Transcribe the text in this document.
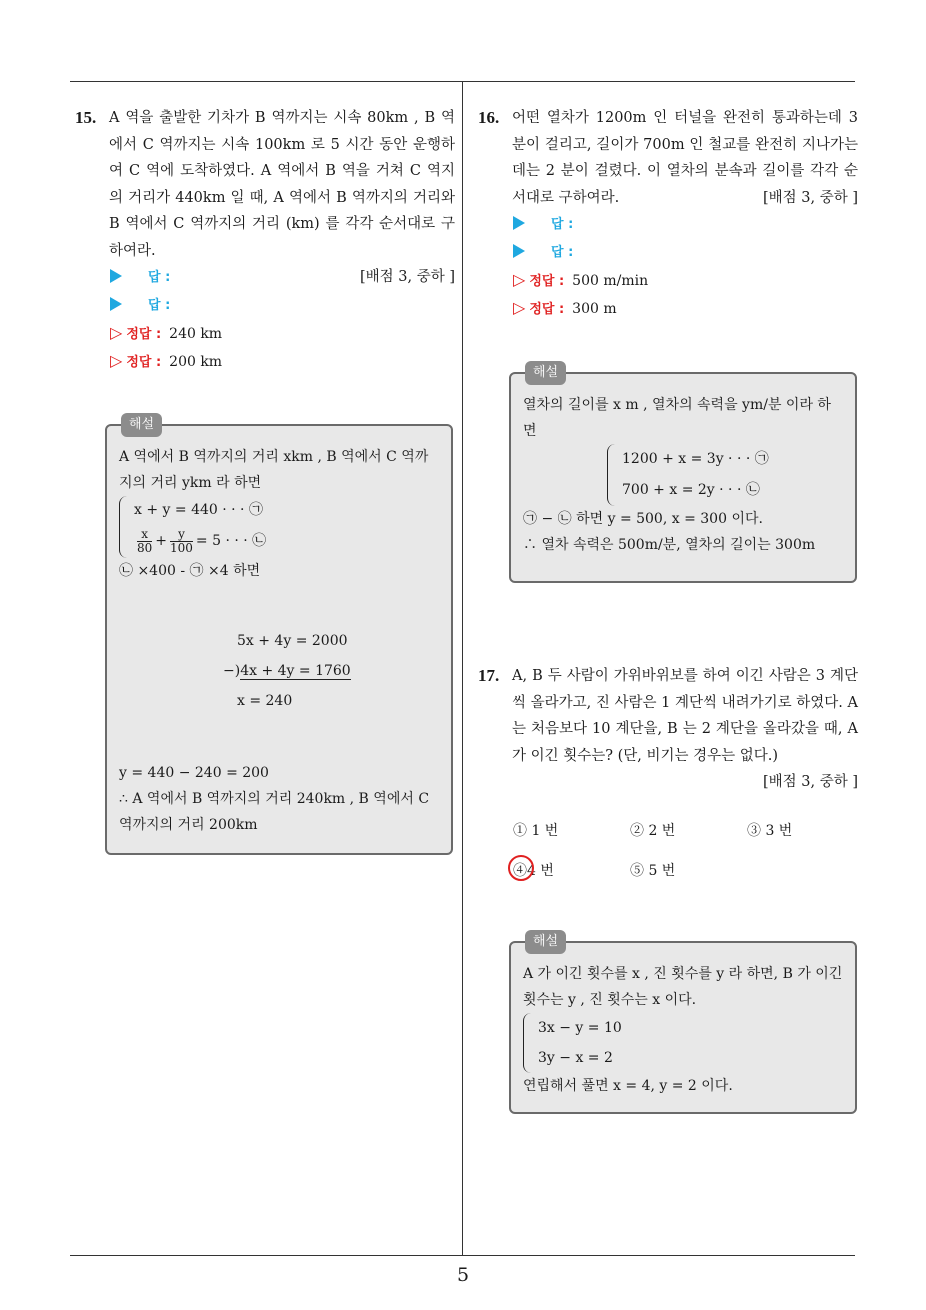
5
15. A 역을 출발한 기차가 B 역까지는 시속 80km , B 역에서 C 역까지는 시속 100km 로 5 시간 동안 운행하여 C 역에 도착하였다. A 역에서 B 역을 거쳐 C 역지의 거리가 440km 일 때, A 역에서 B 역까지의 거리와 B 역에서 C 역까지의 거리 (km) 를 각각 순서대로 구하여라.
[배점 3, 중하 ]
답 :
답 :
▷ 정답 : 240 km
▷ 정답 : 200 km
해설
A 역에서 B 역까지의 거리 xkm , B 역에서 C 역까지의 거리 ykm 라 하면
x + y = 440 · · · ㉠
$\frac{x}{80} + \frac{y}{100} = 5$ · · · ㉡
㉡ ×400 - ㉠ ×4 하면
5x + 4y = 2000
−)4x + 4y = 1760
x = 240
y = 440 − 240 = 200
∴ A 역에서 B 역까지의 거리 240km , B 역에서 C 역까지의 거리 200km
16. 어떤 열차가 1200m 인 터널을 완전히 통과하는데 3 분이 걸리고, 길이가 700m 인 철교를 완전히 지나가는 데는 2 분이 걸렸다. 이 열차의 분속과 길이를 각각 순서대로 구하여라.	[배점 3, 중하 ]
답 :
답 :
▷ 정답 : 500 m/min
▷ 정답 : 300 m
해설
열차의 길이를 x m , 열차의 속력을 ym/분 이라 하면
1200 + x = 3y · · · ㉠
700 + x = 2y · · · ㉡
㉠ − ㉡ 하면 y = 500, x = 300 이다.
∴ 열차 속력은 500m/분, 열차의 길이는 300m
17. A, B 두 사람이 가위바위보를 하여 이긴 사람은 3 계단씩 올라가고, 진 사람은 1 계단씩 내려가기로 하였다. A 는 처음보다 10 계단을, B 는 2 계단을 올라갔을 때, A 가 이긴 횟수는? (단, 비기는 경우는 없다.)
[배점 3, 중하 ]
① 1 번	② 2 번	③ 3 번
④4 번	⑤ 5 번
해설
A 가 이긴 횟수를 x , 진 횟수를 y 라 하면, B 가 이긴 횟수는 y , 진 횟수는 x 이다.
3x − y = 10
3y − x = 2
연립해서 풀면 x = 4, y = 2 이다.
